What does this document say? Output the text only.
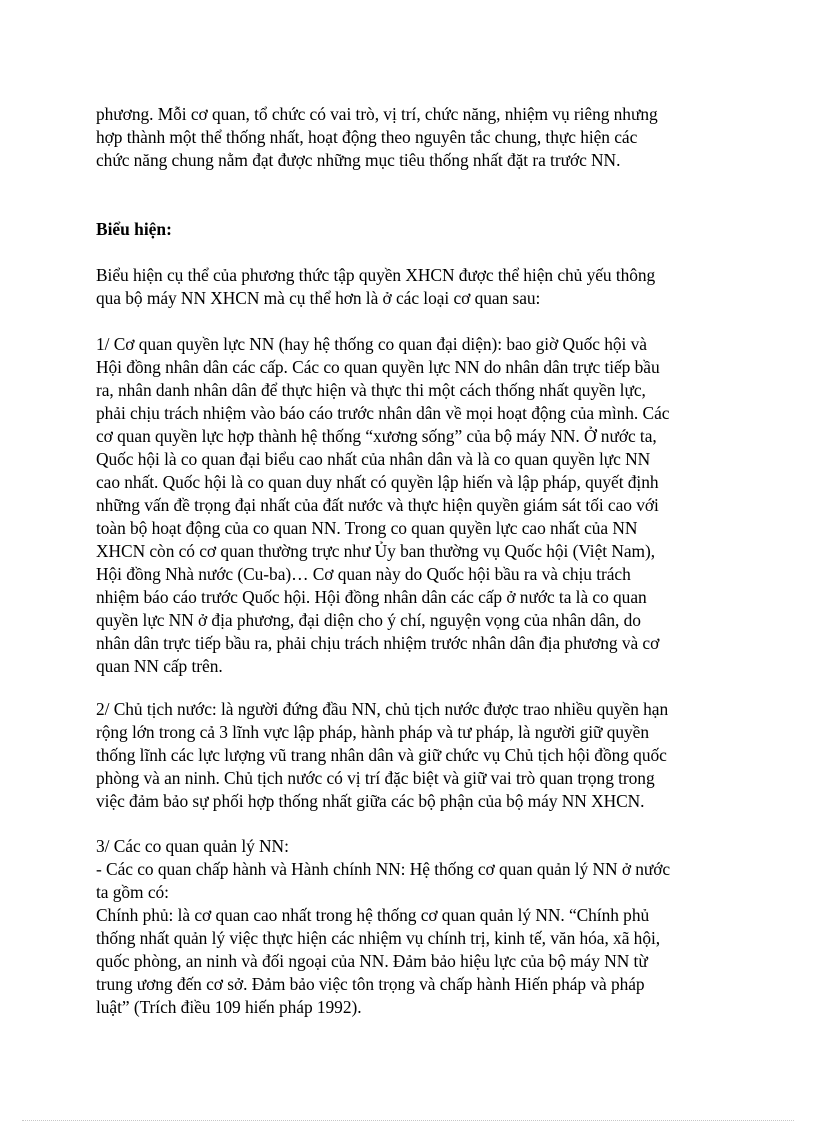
phương. Mỗi cơ quan, tổ chức có vai trò, vị trí, chức năng, nhiệm vụ riêng nhưng
hợp thành một thể thống nhất, hoạt động theo nguyên tắc chung, thực hiện các
chức năng chung nằm đạt được những mục tiêu thống nhất đặt ra trước NN.
Biểu hiện:
Biểu hiện cụ thể của phương thức tập quyền XHCN được thể hiện chủ yếu thông
qua bộ máy NN XHCN mà cụ thể hơn là ở các loại cơ quan sau:
1/ Cơ quan quyền lực NN (hay hệ thống co quan đại diện): bao giờ Quốc hội và
Hội đồng nhân dân các cấp. Các co quan quyền lực NN do nhân dân trực tiếp bầu
ra, nhân danh nhân dân để thực hiện và thực thi một cách thống nhất quyền lực,
phải chịu trách nhiệm vào báo cáo trước nhân dân về mọi hoạt động của mình. Các
cơ quan quyền lực hợp thành hệ thống “xương sống” của bộ máy NN. Ở nước ta,
Quốc hội là co quan đại biểu cao nhất của nhân dân và là co quan quyền lực NN
cao nhất. Quốc hội là co quan duy nhất có quyền lập hiến và lập pháp, quyết định
những vấn đề trọng đại nhất của đất nước và thực hiện quyền giám sát tối cao với
toàn bộ hoạt động của co quan NN. Trong co quan quyền lực cao nhất của NN
XHCN còn có cơ quan thường trực như Ủy ban thường vụ Quốc hội (Việt Nam),
Hội đồng Nhà nước (Cu-ba)… Cơ quan này do Quốc hội bầu ra và chịu trách
nhiệm báo cáo trước Quốc hội. Hội đồng nhân dân các cấp ở nước ta là co quan
quyền lực NN ở địa phương, đại diện cho ý chí, nguyện vọng của nhân dân, do
nhân dân trực tiếp bầu ra, phải chịu trách nhiệm trước nhân dân địa phương và cơ
quan NN cấp trên.
2/ Chủ tịch nước: là người đứng đầu NN, chủ tịch nước được trao nhiều quyền hạn
rộng lớn trong cả 3 lĩnh vực lập pháp, hành pháp và tư pháp, là người giữ quyền
thống lĩnh các lực lượng vũ trang nhân dân và giữ chức vụ Chủ tịch hội đồng quốc
phòng và an ninh. Chủ tịch nước có vị trí đặc biệt và giữ vai trò quan trọng trong
việc đảm bảo sự phối hợp thống nhất giữa các bộ phận của bộ máy NN XHCN.
3/ Các co quan quản lý NN:
- Các co quan chấp hành và Hành chính NN: Hệ thống cơ quan quản lý NN ở nước
ta gồm có:
Chính phủ: là cơ quan cao nhất trong hệ thống cơ quan quản lý NN. “Chính phủ
thống nhất quản lý việc thực hiện các nhiệm vụ chính trị, kinh tế, văn hóa, xã hội,
quốc phòng, an ninh và đối ngoại của NN. Đảm bảo hiệu lực của bộ máy NN từ
trung ương đến cơ sở. Đảm bảo việc tôn trọng và chấp hành Hiến pháp và pháp
luật” (Trích điều 109 hiến pháp 1992).
